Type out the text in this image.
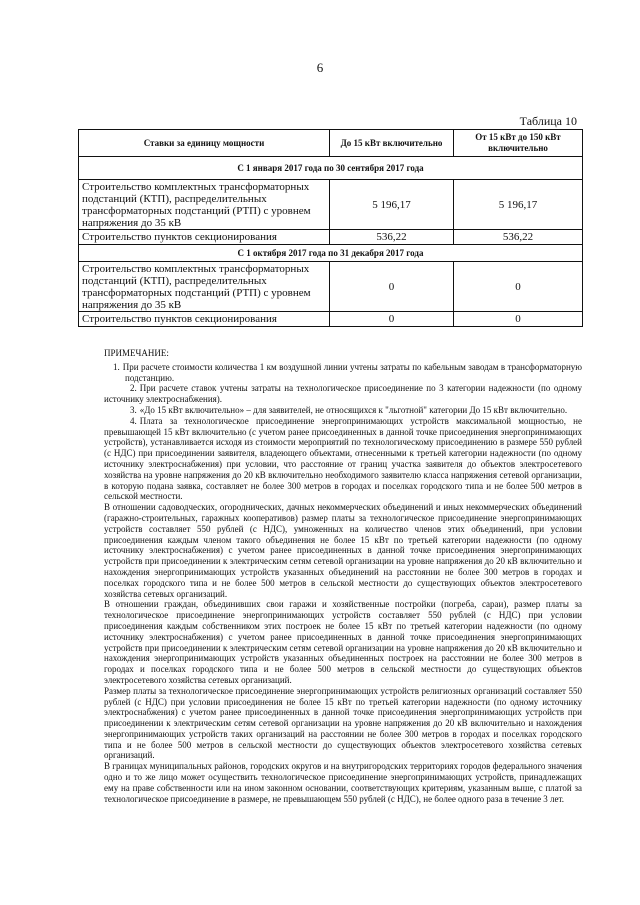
6
Таблица 10
Ставки за единицу мощности	До 15 кВт включительно	От 15 кВт до 150 кВт включительно
С 1 января 2017 года по 30 сентября 2017 года		
Строительство комплектных трансформаторных подстанций (КТП), распределительных трансформаторных подстанций (РТП) с уровнем напряжения до 35 кВ	5 196,17	5 196,17
Строительство пунктов секционирования	536,22	536,22
С 1 октября 2017 года по 31 декабря 2017 года		
Строительство комплектных трансформаторных подстанций (КТП), распределительных трансформаторных подстанций (РТП) с уровнем напряжения до 35 кВ	0	0
Строительство пунктов секционирования	0	0

ПРИМЕЧАНИЕ:

1. При расчете стоимости количества 1 км воздушной линии учтены затраты по кабельным заводам в трансформаторную подстанцию.

2. При расчете ставок учтены затраты на технологическое присоединение по 3 категории надежности (по одному источнику электроснабжения).

3. «До 15 кВт включительно» – для заявителей, не относящихся к "льготной" категории До 15 кВт включительно.

4. Плата за технологическое присоединение энергопринимающих устройств максимальной мощностью, не превышающей 15 кВт включительно (с учетом ранее присоединенных в данной точке присоединения энергопринимающих устройств), устанавливается исходя из стоимости мероприятий по технологическому присоединению в размере 550 рублей (с НДС) при присоединении заявителя, владеющего объектами, отнесенными к третьей категории надежности (по одному источнику электроснабжения) при условии, что расстояние от границ участка заявителя до объектов электросетевого хозяйства на уровне напряжения до 20 кВ включительно необходимого заявителю класса напряжения сетевой организации, в которую подана заявка, составляет не более 300 метров в городах и поселках городского типа и не более 500 метров в сельской местности.

В отношении садоводческих, огороднических, дачных некоммерческих объединений и иных некоммерческих объединений (гаражно-строительных, гаражных кооперативов) размер платы за технологическое присоединение энергопринимающих устройств составляет 550 рублей (с НДС), умноженных на количество членов этих объединений, при условии присоединения каждым членом такого объединения не более 15 кВт по третьей категории надежности (по одному источнику электроснабжения) с учетом ранее присоединенных в данной точке присоединения энергопринимающих устройств при присоединении к электрическим сетям сетевой организации на уровне напряжения до 20 кВ включительно и нахождения энергопринимающих устройств указанных объединений на расстоянии не более 300 метров в городах и поселках городского типа и не более 500 метров в сельской местности до существующих объектов электросетевого хозяйства сетевых организаций.

В отношении граждан, объединивших свои гаражи и хозяйственные постройки (погреба, сараи), размер платы за технологическое присоединение энергопринимающих устройств составляет 550 рублей (с НДС) при условии присоединения каждым собственником этих построек не более 15 кВт по третьей категории надежности (по одному источнику электроснабжения) с учетом ранее присоединенных в данной точке присоединения энергопринимающих устройств при присоединении к электрическим сетям сетевой организации на уровне напряжения до 20 кВ включительно и нахождения энергопринимающих устройств указанных объединенных построек на расстоянии не более 300 метров в городах и поселках городского типа и не более 500 метров в сельской местности до существующих объектов электросетевого хозяйства сетевых организаций.

Размер платы за технологическое присоединение энергопринимающих устройств религиозных организаций составляет 550 рублей (с НДС) при условии присоединения не более 15 кВт по третьей категории надежности (по одному источнику электроснабжения) с учетом ранее присоединенных в данной точке присоединения энергопринимающих устройств при присоединении к электрическим сетям сетевой организации на уровне напряжения до 20 кВ включительно и нахождения энергопринимающих устройств таких организаций на расстоянии не более 300 метров в городах и поселках городского типа и не более 500 метров в сельской местности до существующих объектов электросетевого хозяйства сетевых организаций.

В границах муниципальных районов, городских округов и на внутригородских территориях городов федерального значения одно и то же лицо может осуществить технологическое присоединение энергопринимающих устройств, принадлежащих ему на праве собственности или на ином законном основании, соответствующих критериям, указанным выше, с платой за технологическое присоединение в размере, не превышающем 550 рублей (с НДС), не более одного раза в течение 3 лет.
